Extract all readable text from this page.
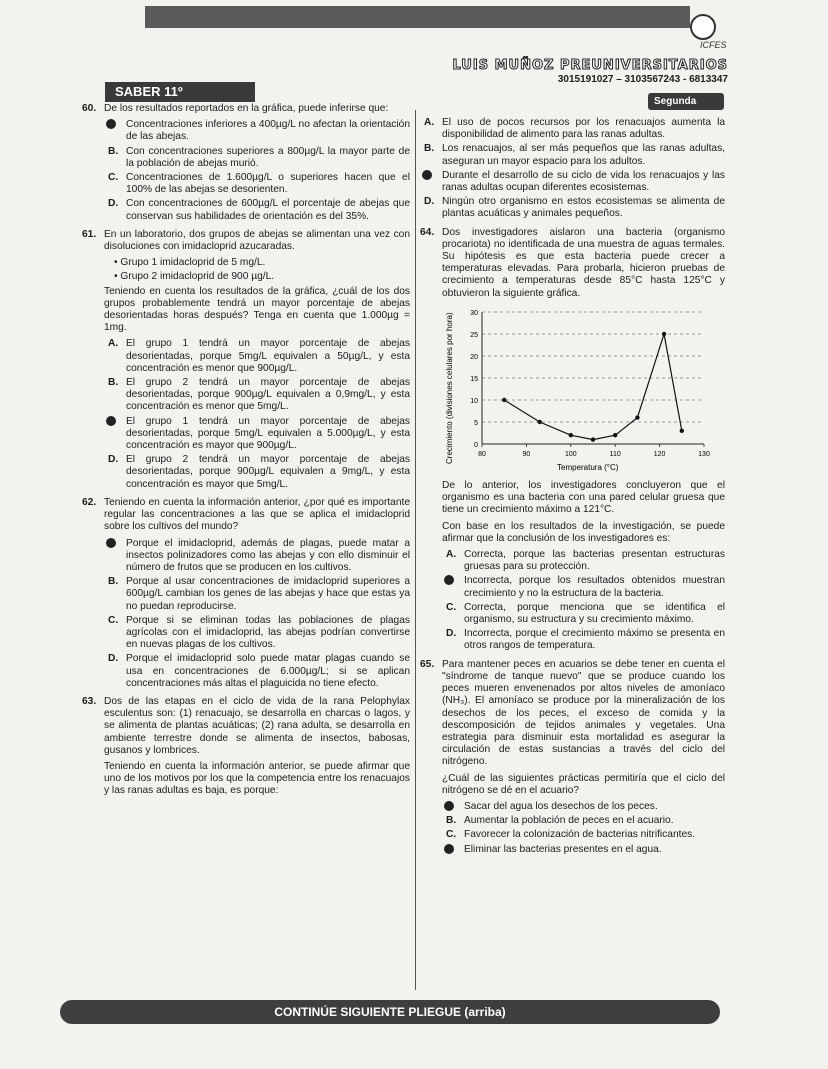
ICFES
LUIS MUÑOZ PREUNIVERSITARIOS
3015191027 – 3103567243 - 6813347
SABER 11º
Segunda
60. De los resultados reportados en la gráfica, puede inferirse que:

Concentraciones inferiores a 400µg/L no afectan la orientación de las abejas.
B. Con concentraciones superiores a 800µg/L la mayor parte de la población de abejas murió.
C. Concentraciones de 1.600µg/L o superiores hacen que el 100% de las abejas se desorienten.
D. Con concentraciones de 600µg/L el porcentaje de abejas que conservan sus habilidades de orientación es del 35%.
61. En un laboratorio, dos grupos de abejas se alimentan una vez con disoluciones con imidacloprid azucaradas.

• Grupo 1 imidacloprid de 5 mg/L.
• Grupo 2 imidacloprid de 900 µg/L.

Teniendo en cuenta los resultados de la gráfica, ¿cuál de los dos grupos probablemente tendrá un mayor porcentaje de abejas desorientadas horas después? Tenga en cuenta que 1.000µg = 1mg.

A. El grupo 1 tendrá un mayor porcentaje de abejas desorientadas, porque 5mg/L equivalen a 50µg/L, y esta concentración es menor que 900µg/L.
B. El grupo 2 tendrá un mayor porcentaje de abejas desorientadas, porque 900µg/L equivalen a 0,9mg/L, y esta concentración es menor que 5mg/L.
El grupo 1 tendrá un mayor porcentaje de abejas desorientadas, porque 5mg/L equivalen a 5.000µg/L, y esta concentración es mayor que 900µg/L.
D. El grupo 2 tendrá un mayor porcentaje de abejas desorientadas, porque 900µg/L equivalen a 9mg/L, y esta concentración es mayor que 5mg/L.
62. Teniendo en cuenta la información anterior, ¿por qué es importante regular las concentraciones a las que se aplica el imidacloprid sobre los cultivos del mundo?

Porque el imidacloprid, además de plagas, puede matar a insectos polinizadores como las abejas y con ello disminuir el número de frutos que se producen en los cultivos.
B. Porque al usar concentraciones de imidacloprid superiores a 600µg/L cambian los genes de las abejas y hace que estas ya no puedan reproducirse.
C. Porque si se eliminan todas las poblaciones de plagas agrícolas con el imidacloprid, las abejas podrían convertirse en nuevas plagas de los cultivos.
D. Porque el imidacloprid solo puede matar plagas cuando se usa en concentraciones de 6.000µg/L; si se aplican concentraciones más altas el plaguicida no tiene efecto.
63. Dos de las etapas en el ciclo de vida de la rana Pelophylax esculentus son: (1) renacuajo, se desarrolla en charcas o lagos, y se alimenta de plantas acuáticas; (2) rana adulta, se desarrolla en ambiente terrestre donde se alimenta de insectos, babosas, gusanos y lombrices.

Teniendo en cuenta la información anterior, se puede afirmar que uno de los motivos por los que la competencia entre los renacuajos y las ranas adultas es baja, es porque:

A. El uso de pocos recursos por los renacuajos aumenta la disponibilidad de alimento para las ranas adultas.
B. Los renacuajos, al ser más pequeños que las ranas adultas, aseguran un mayor espacio para los adultos.
Durante el desarrollo de su ciclo de vida los renacuajos y las ranas adultas ocupan diferentes ecosistemas.
D. Ningún otro organismo en estos ecosistemas se alimenta de plantas acuáticas y animales pequeños.
64. Dos investigadores aislaron una bacteria (organismo procariota) no identificada de una muestra de aguas termales. Su hipótesis es que esta bacteria puede crecer a temperaturas elevadas. Para probarla, hicieron pruebas de crecimiento a temperaturas desde 85°C hasta 125°C y obtuvieron la siguiente gráfica.

Crecimiento (divisiones celulares por hora)
Temperatura (°C)
0
5
10
15
20
25
30
80	90	100	110	120	130

De lo anterior, los investigadores concluyeron que el organismo es una bacteria con una pared celular gruesa que tiene un crecimiento máximo a 121°C.

Con base en los resultados de la investigación, se puede afirmar que la conclusión de los investigadores es:

A. Correcta, porque las bacterias presentan estructuras gruesas para su protección.
Incorrecta, porque los resultados obtenidos muestran crecimiento y no la estructura de la bacteria.
C. Correcta, porque menciona que se identifica el organismo, su estructura y su crecimiento máximo.
D. Incorrecta, porque el crecimiento máximo se presenta en otros rangos de temperatura.
65. Para mantener peces en acuarios se debe tener en cuenta el "síndrome de tanque nuevo" que se produce cuando los peces mueren envenenados por altos niveles de amoníaco (NH₃). El amoníaco se produce por la mineralización de los desechos de los peces, el exceso de comida y la descomposición de tejidos animales y vegetales. Una estrategia para disminuir esta mortalidad es asegurar la circulación de estas sustancias a través del ciclo del nitrógeno.

¿Cuál de las siguientes prácticas permitiría que el ciclo del nitrógeno se dé en el acuario?

Sacar del agua los desechos de los peces.
B. Aumentar la población de peces en el acuario.
C. Favorecer la colonización de bacterias nitrificantes.
Eliminar las bacterias presentes en el agua.
CONTINÚE SIGUIENTE PLIEGUE (arriba)
